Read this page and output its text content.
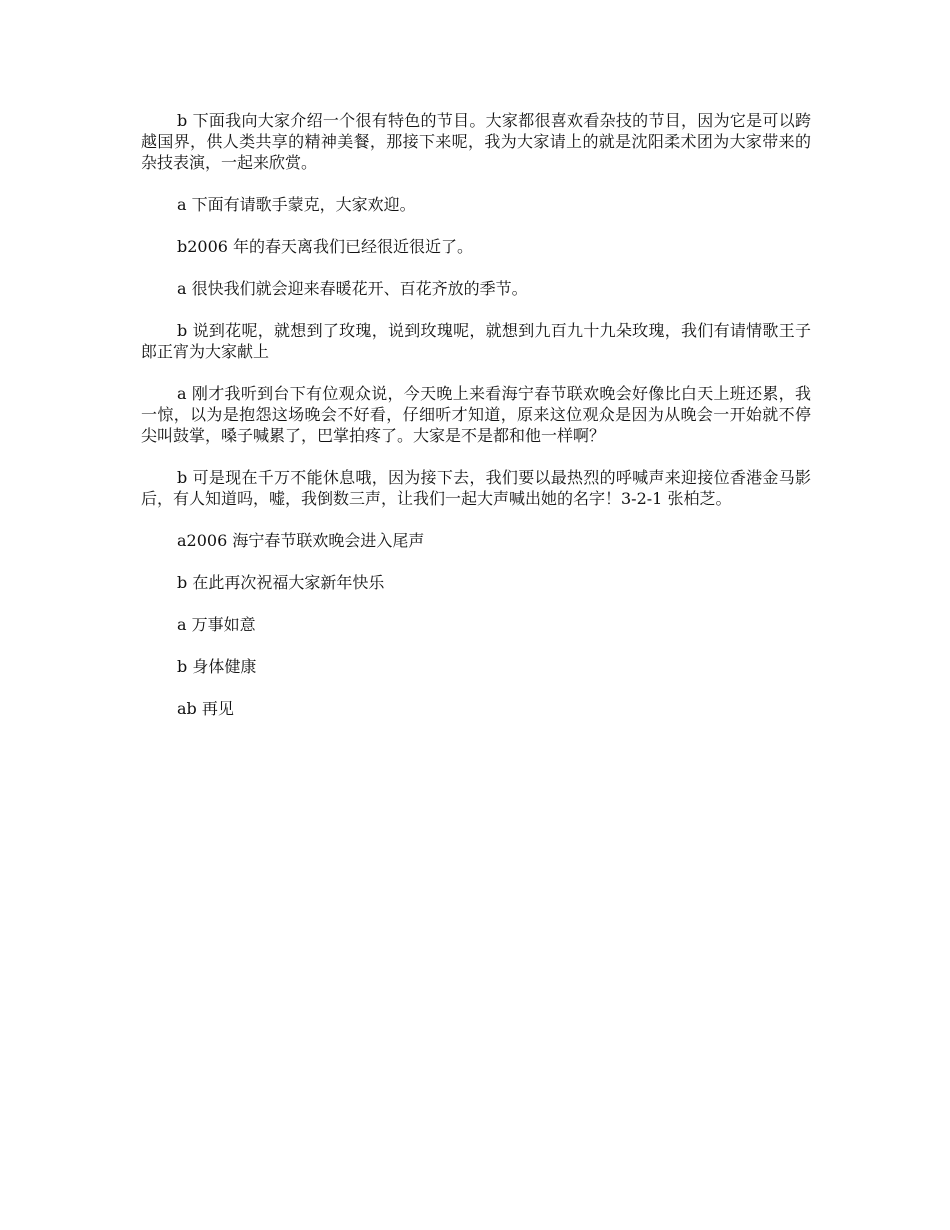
b 下面我向大家介绍一个很有特色的节目。大家都很喜欢看杂技的节目，因为它是可以跨越国界，供人类共享的精神美餐，那接下来呢，我为大家请上的就是沈阳柔术团为大家带来的杂技表演，一起来欣赏。

a 下面有请歌手蒙克，大家欢迎。

b2006 年的春天离我们已经很近很近了。

a 很快我们就会迎来春暖花开、百花齐放的季节。

b 说到花呢，就想到了玫瑰，说到玫瑰呢，就想到九百九十九朵玫瑰，我们有请情歌王子郎正宵为大家献上

a 刚才我听到台下有位观众说，今天晚上来看海宁春节联欢晚会好像比白天上班还累，我一惊，以为是抱怨这场晚会不好看，仔细听才知道，原来这位观众是因为从晚会一开始就不停尖叫鼓掌，嗓子喊累了，巴掌拍疼了。大家是不是都和他一样啊？

b 可是现在千万不能休息哦，因为接下去，我们要以最热烈的呼喊声来迎接位香港金马影后，有人知道吗，嘘，我倒数三声，让我们一起大声喊出她的名字！3-2-1 张柏芝。

a2006 海宁春节联欢晚会进入尾声

b 在此再次祝福大家新年快乐

a 万事如意

b 身体健康

ab 再见
